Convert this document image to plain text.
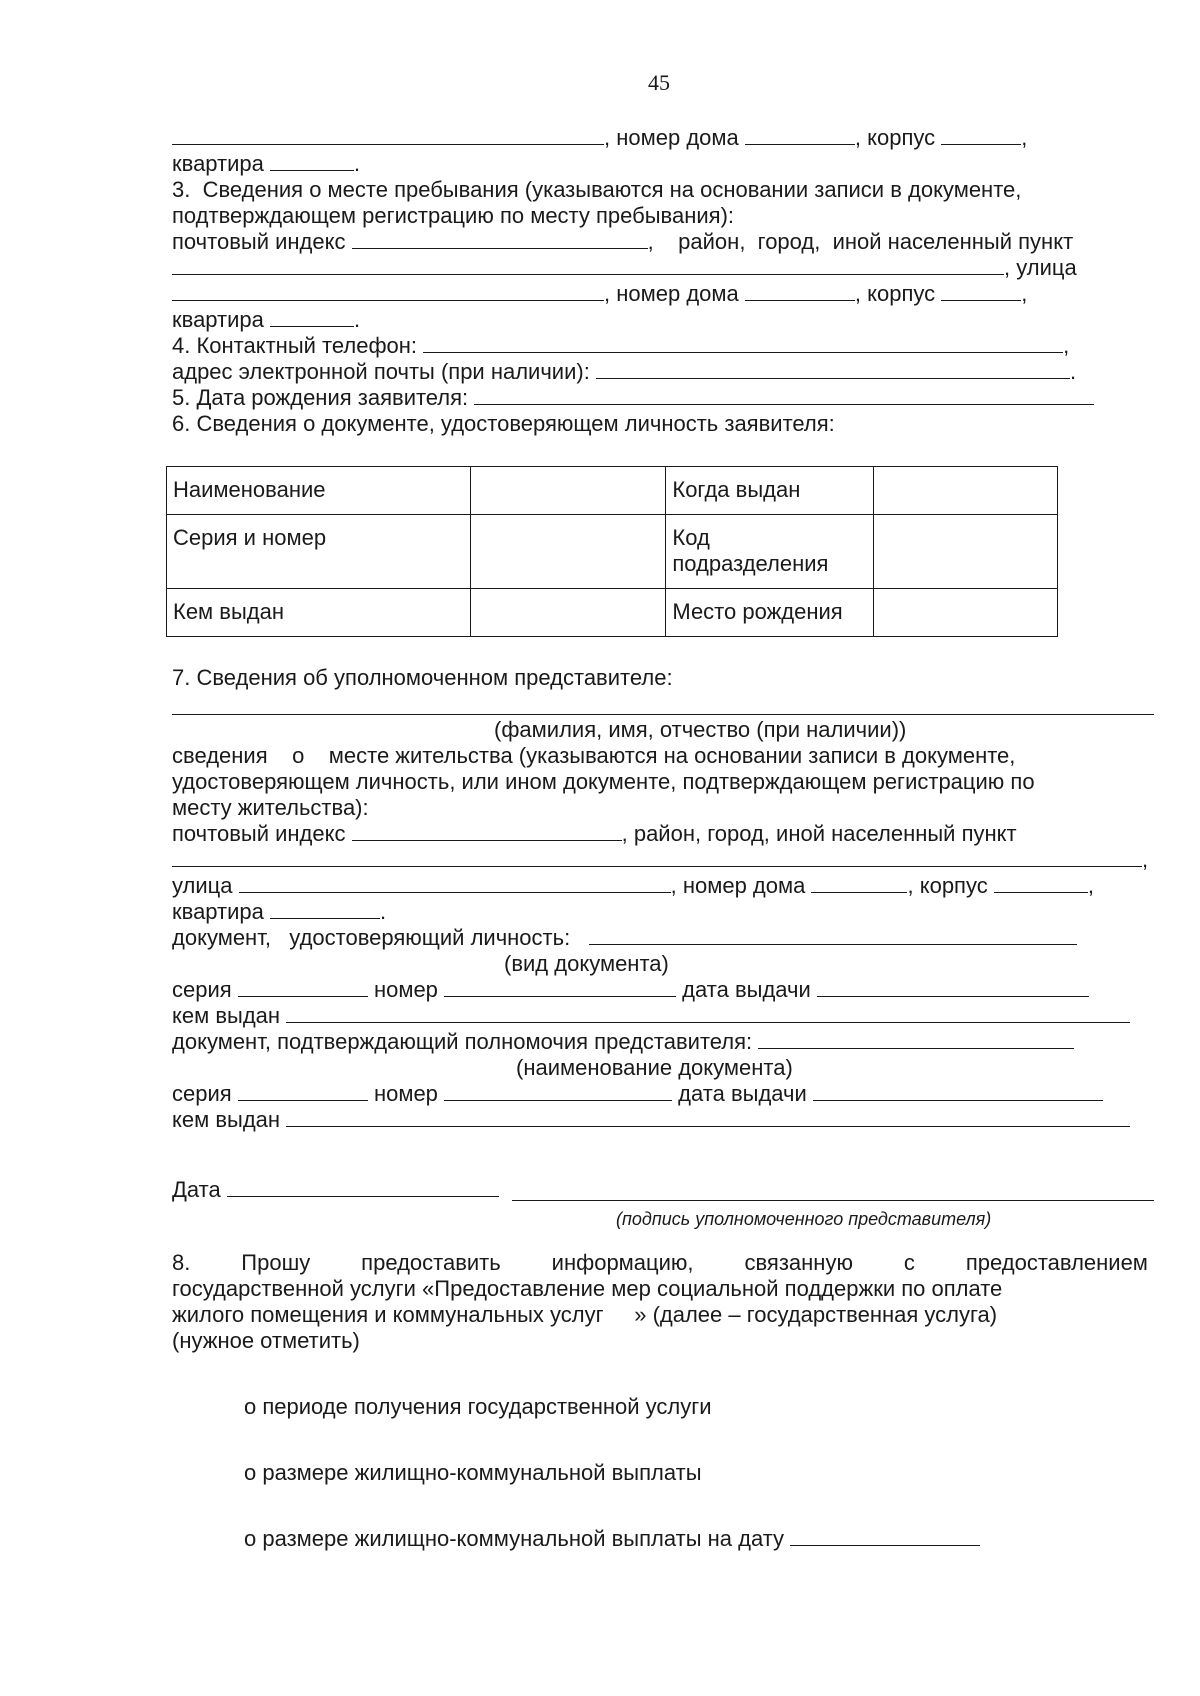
45
, номер дома	, корпус	,
квартира	.
3.  Сведения о месте пребывания (указываются на основании записи в документе,
подтверждающем регистрацию по месту пребывания):
почтовый индекс	,    район,  город,  иной населенный пункт
, улица
, номер дома	, корпус	,
квартира	.
4. Контактный телефон:	,
адрес электронной почты (при наличии):	.
5. Дата рождения заявителя:
6. Сведения о документе, удостоверяющем личность заявителя:
Наименование		Когда выдан	
Серия и номер		Код подразделения	
Кем выдан		Место рождения	
7. Сведения об уполномоченном представителе:
(фамилия, имя, отчество (при наличии))
сведения    о    месте жительства (указываются на основании записи в документе,
удостоверяющем личность, или ином документе, подтверждающем регистрацию по
месту жительства):
почтовый индекс	, район, город, иной населенный пункт
,
улица	, номер дома	, корпус	,
квартира	.
документ,   удостоверяющий личность:
(вид документа)
серия	номер	дата выдачи
кем выдан
документ, подтверждающий полномочия представителя:
(наименование документа)
серия	номер	дата выдачи
кем выдан
Дата
(подпись уполномоченного представителя)
8. Прошу предоставить информацию, связанную с предоставлением
государственной услуги «Предоставление мер социальной поддержки по оплате
жилого помещения и коммунальных услуг     » (далее – государственная услуга)
(нужное отметить)
о периоде получения государственной услуги
о размере жилищно-коммунальной выплаты
о размере жилищно-коммунальной выплаты на дату
